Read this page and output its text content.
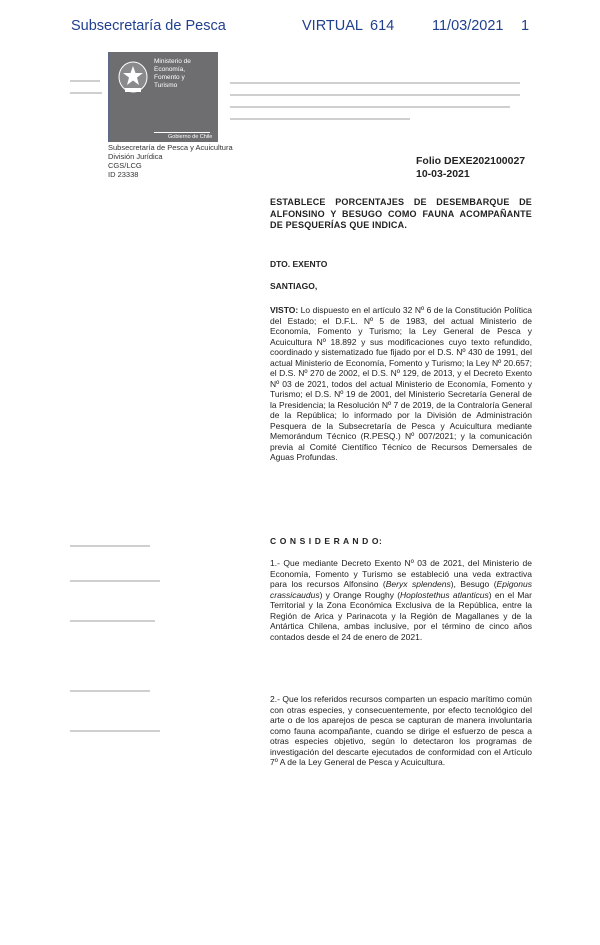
Subsecretaría de Pesca	VIRTUAL 614	11/03/2021 1
Ministerio de
Economía,
Fomento y
Turismo
Gobierno de Chile
Subsecretaría de Pesca y Acuicultura
División Jurídica
CGS/LCG
ID 23338
Folio DEXE202100027
10-03-2021
ESTABLECE PORCENTAJES DE DESEMBARQUE DE ALFONSINO Y BESUGO COMO FAUNA ACOMPAÑANTE DE PESQUERÍAS QUE INDICA.
DTO. EXENTO
SANTIAGO,
VISTO: Lo dispuesto en el artículo 32 Nº 6 de la Constitución Política del Estado; el D.F.L. Nº 5 de 1983, del actual Ministerio de Economía, Fomento y Turismo; la Ley General de Pesca y Acuicultura Nº 18.892 y sus modificaciones cuyo texto refundido, coordinado y sistematizado fue fijado por el D.S. Nº 430 de 1991, del actual Ministerio de Economía, Fomento y Turismo; la Ley Nº 20.657; el D.S. Nº 270 de 2002, el D.S. Nº 129, de 2013, y el Decreto Exento Nº 03 de 2021, todos del actual Ministerio de Economía, Fomento y Turismo; el D.S. Nº 19 de 2001, del Ministerio Secretaría General de la Presidencia; la Resolución Nº 7 de 2019, de la Contraloría General de la República; lo informado por la División de Administración Pesquera de la Subsecretaría de Pesca y Acuicultura mediante Memorándum Técnico (R.PESQ.) Nº 007/2021; y la comunicación previa al Comité Científico Técnico de Recursos Demersales de Aguas Profundas.
C O N S I D E R A N D O:
1.- Que mediante Decreto Exento Nº 03 de 2021, del Ministerio de Economía, Fomento y Turismo se estableció una veda extractiva para los recursos Alfonsino (Beryx splendens), Besugo (Epigonus crassicaudus) y Orange Roughy (Hoplostethus atlanticus) en el Mar Territorial y la Zona Económica Exclusiva de la República, entre la Región de Arica y Parinacota y la Región de Magallanes y de la Antártica Chilena, ambas inclusive, por el término de cinco años contados desde el 24 de enero de 2021.
2.- Que los referidos recursos comparten un espacio marítimo común con otras especies, y consecuentemente, por efecto tecnológico del arte o de los aparejos de pesca se capturan de manera involuntaria como fauna acompañante, cuando se dirige el esfuerzo de pesca a otras especies objetivo, según lo detectaron los programas de investigación del descarte ejecutados de conformidad con el Artículo 7º A de la Ley General de Pesca y Acuicultura.
